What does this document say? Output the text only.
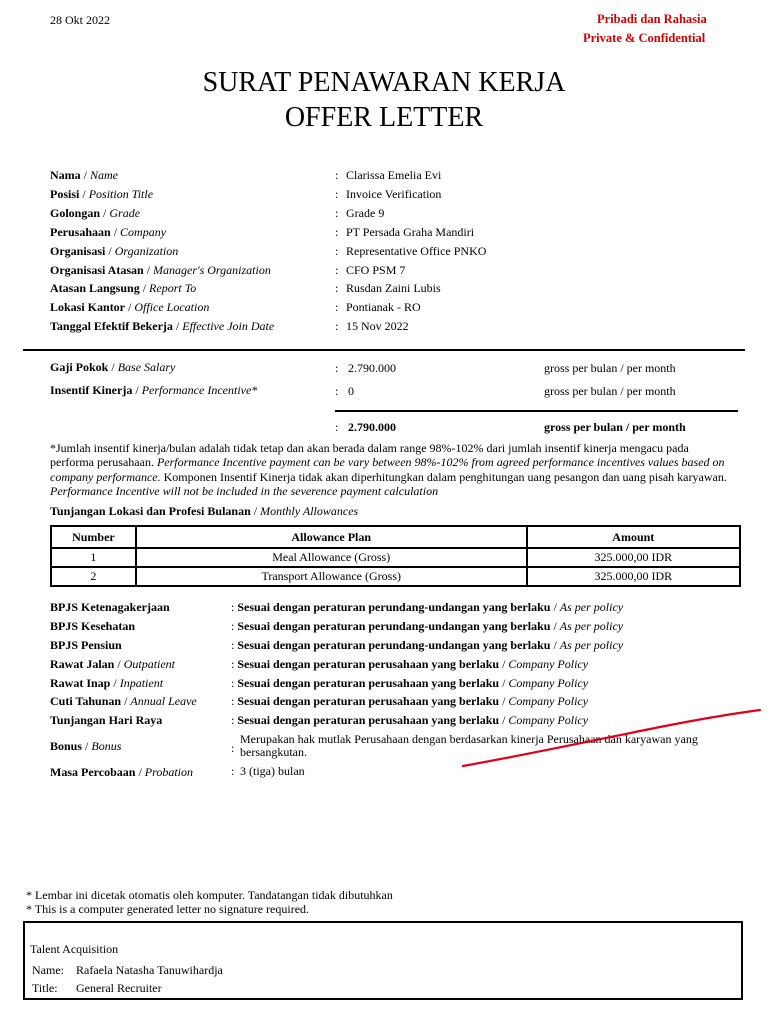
28 Okt 2022	Pribadi dan Rahasia
Private & Confidential
SURAT PENAWARAN KERJA
OFFER LETTER
Nama / Name	: Clarissa Emelia Evi
Posisi / Position Title	: Invoice Verification
Golongan / Grade	: Grade 9
Perusahaan / Company	: PT Persada Graha Mandiri
Organisasi / Organization	: Representative Office PNKO
Organisasi Atasan / Manager's Organization	: CFO PSM 7
Atasan Langsung / Report To	: Rusdan Zaini Lubis
Lokasi Kantor / Office Location	: Pontianak - RO
Tanggal Efektif Bekerja / Effective Join Date	: 15 Nov 2022
Gaji Pokok / Base Salary	: 2.790.000	gross per bulan / per month
Insentif Kinerja / Performance Incentive*	: 0	gross per bulan / per month
: 2.790.000	gross per bulan / per month
*Jumlah insentif kinerja/bulan adalah tidak tetap dan akan berada dalam range 98%-102% dari jumlah insentif kinerja mengacu pada performa perusahaan. Performance Incentive payment can be vary between 98%-102% from agreed performance incentives values based on company performance. Komponen Insentif Kinerja tidak akan diperhitungkan dalam penghitungan uang pesangon dan uang pisah karyawan. Performance Incentive will not be included in the severence payment calculation
Tunjangan Lokasi dan Profesi Bulanan / Monthly Allowances
Number	Allowance Plan	Amount
1	Meal Allowance (Gross)	325.000,00 IDR
2	Transport Allowance (Gross)	325.000,00 IDR
BPJS Ketenagakerjaan	: Sesuai dengan peraturan perundang-undangan yang berlaku / As per policy
BPJS Kesehatan	: Sesuai dengan peraturan perundang-undangan yang berlaku / As per policy
BPJS Pensiun	: Sesuai dengan peraturan perundang-undangan yang berlaku / As per policy
Rawat Jalan / Outpatient	: Sesuai dengan peraturan perusahaan yang berlaku / Company Policy
Rawat Inap / Inpatient	: Sesuai dengan peraturan perusahaan yang berlaku / Company Policy
Cuti Tahunan / Annual Leave	: Sesuai dengan peraturan perusahaan yang berlaku / Company Policy
Tunjangan Hari Raya	: Sesuai dengan peraturan perusahaan yang berlaku / Company Policy
Bonus / Bonus	:
Merupakan hak mutlak Perusahaan dengan berdasarkan kinerja Perusahaan dan karyawan yang bersangkutan.
Masa Percobaan / Probation	: 3 (tiga) bulan
* Lembar ini dicetak otomatis oleh komputer. Tandatangan tidak dibutuhkan
* This is a computer generated letter no signature required.
Talent Acquisition
Name: Rafaela Natasha Tanuwihardja
Title: General Recruiter
